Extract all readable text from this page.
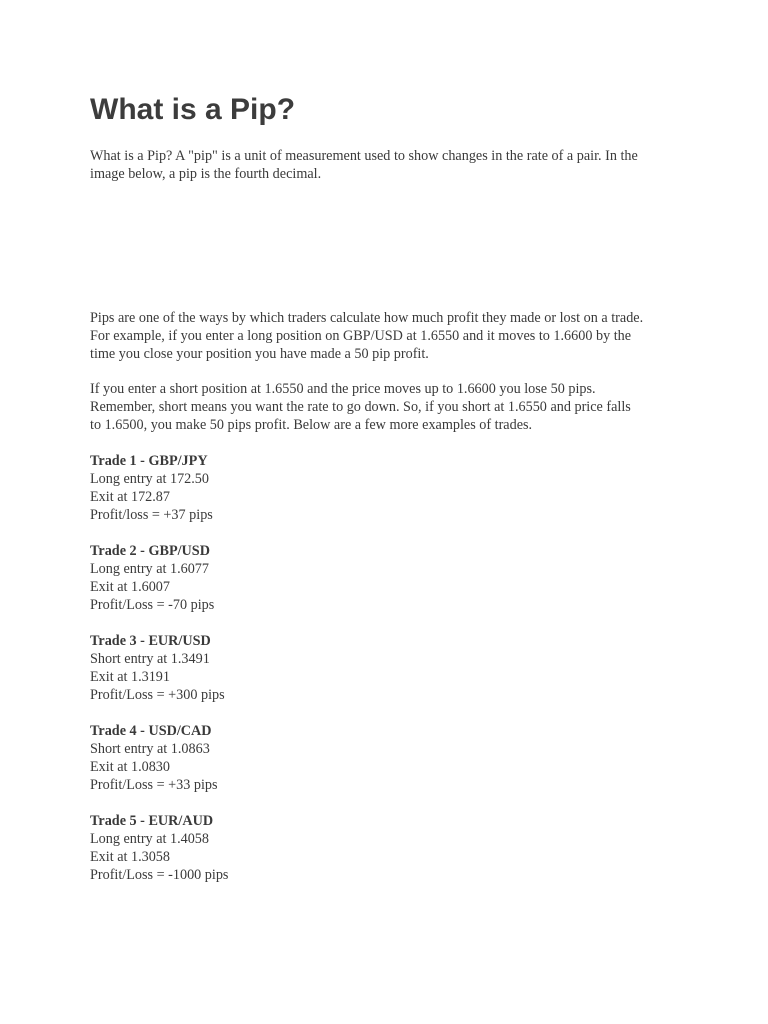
What is a Pip?

What is a Pip? A "pip" is a unit of measurement used to show changes in the rate of a pair. In the
image below, a pip is the fourth decimal.

Pips are one of the ways by which traders calculate how much profit they made or lost on a trade.
For example, if you enter a long position on GBP/USD at 1.6550 and it moves to 1.6600 by the
time you close your position you have made a 50 pip profit.

If you enter a short position at 1.6550 and the price moves up to 1.6600 you lose 50 pips.
Remember, short means you want the rate to go down. So, if you short at 1.6550 and price falls
to 1.6500, you make 50 pips profit. Below are a few more examples of trades.

Trade 1 - GBP/JPY
Long entry at 172.50
Exit at 172.87
Profit/loss = +37 pips
Trade 2 - GBP/USD
Long entry at 1.6077
Exit at 1.6007
Profit/Loss = -70 pips
Trade 3 - EUR/USD
Short entry at 1.3491
Exit at 1.3191
Profit/Loss = +300 pips
Trade 4 - USD/CAD
Short entry at 1.0863
Exit at 1.0830
Profit/Loss = +33 pips
Trade 5 - EUR/AUD
Long entry at 1.4058
Exit at 1.3058
Profit/Loss = -1000 pips
